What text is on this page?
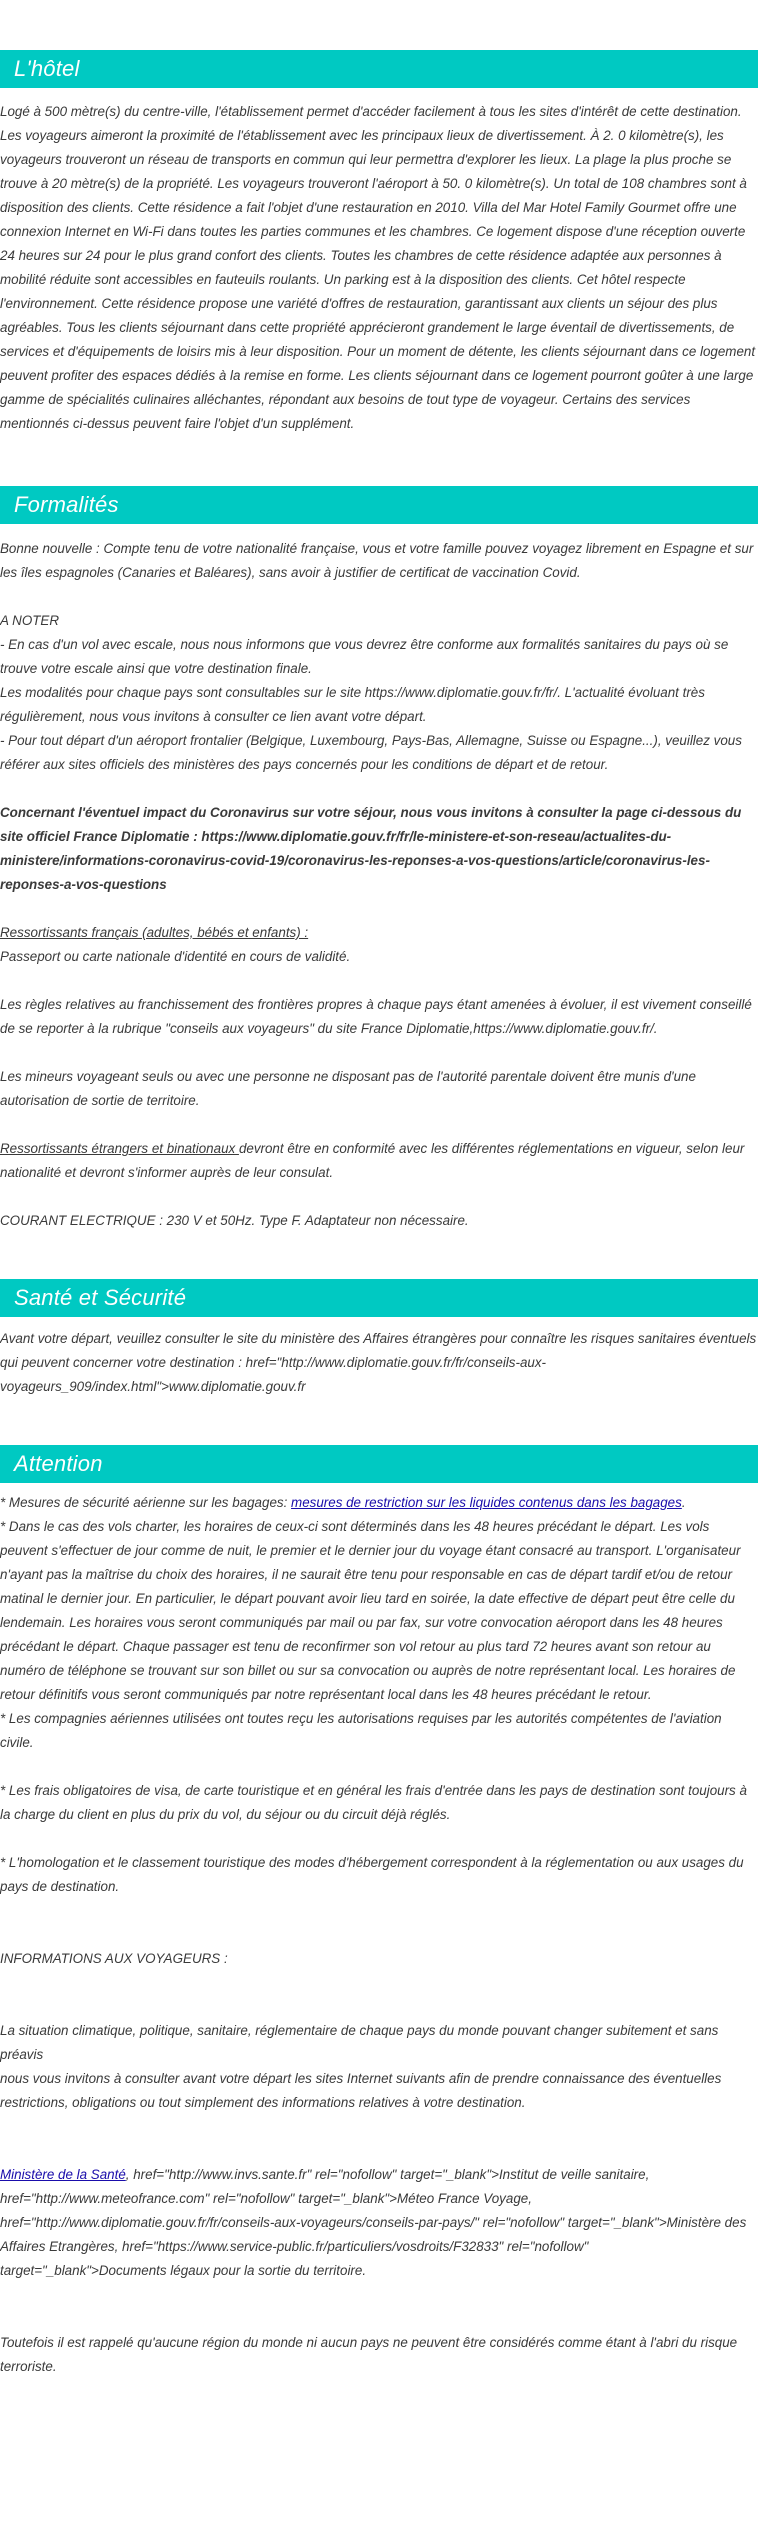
L'hôtel

Logé à 500 mètre(s) du centre-ville, l'établissement permet d'accéder facilement à tous les sites d'intérêt de cette destination. Les voyageurs aimeront la proximité de l'établissement avec les principaux lieux de divertissement. À 2. 0 kilomètre(s), les voyageurs trouveront un réseau de transports en commun qui leur permettra d'explorer les lieux. La plage la plus proche se trouve à 20 mètre(s) de la propriété. Les voyageurs trouveront l'aéroport à 50. 0 kilomètre(s). Un total de 108 chambres sont à disposition des clients. Cette résidence a fait l'objet d'une restauration en 2010. Villa del Mar Hotel Family Gourmet offre une connexion Internet en Wi-Fi dans toutes les parties communes et les chambres. Ce logement dispose d'une réception ouverte 24 heures sur 24 pour le plus grand confort des clients. Toutes les chambres de cette résidence adaptée aux personnes à mobilité réduite sont accessibles en fauteuils roulants. Un parking est à la disposition des clients. Cet hôtel respecte l'environnement. Cette résidence propose une variété d'offres de restauration, garantissant aux clients un séjour des plus agréables. Tous les clients séjournant dans cette propriété apprécieront grandement le large éventail de divertissements, de services et d'équipements de loisirs mis à leur disposition. Pour un moment de détente, les clients séjournant dans ce logement peuvent profiter des espaces dédiés à la remise en forme. Les clients séjournant dans ce logement pourront goûter à une large gamme de spécialités culinaires alléchantes, répondant aux besoins de tout type de voyageur. Certains des services mentionnés ci-dessus peuvent faire l'objet d'un supplément.

Formalités

Bonne nouvelle : Compte tenu de votre nationalité française, vous et votre famille pouvez voyagez librement en Espagne et sur les îles espagnoles (Canaries et Baléares), sans avoir à justifier de certificat de vaccination Covid.

A NOTER

- En cas d'un vol avec escale, nous nous informons que vous devrez être conforme aux formalités sanitaires du pays où se trouve votre escale ainsi que votre destination finale.

Les modalités pour chaque pays sont consultables sur le site https://www.diplomatie.gouv.fr/fr/. L'actualité évoluant très régulièrement, nous vous invitons à consulter ce lien avant votre départ.

- Pour tout départ d'un aéroport frontalier (Belgique, Luxembourg, Pays-Bas, Allemagne, Suisse ou Espagne...), veuillez vous référer aux sites officiels des ministères des pays concernés pour les conditions de départ et de retour.

Concernant l'éventuel impact du Coronavirus sur votre séjour, nous vous invitons à consulter la page ci-dessous du site officiel France Diplomatie : https://www.diplomatie.gouv.fr/fr/le-ministere-et-son-reseau/actualites-du-ministere/informations-coronavirus-covid-19/coronavirus-les-reponses-a-vos-questions/article/coronavirus-les-reponses-a-vos-questions

Ressortissants français (adultes, bébés et enfants) :

Passeport ou carte nationale d'identité en cours de validité.

Les règles relatives au franchissement des frontières propres à chaque pays étant amenées à évoluer, il est vivement conseillé de se reporter à la rubrique "conseils aux voyageurs" du site France Diplomatie,https://www.diplomatie.gouv.fr/.

Les mineurs voyageant seuls ou avec une personne ne disposant pas de l'autorité parentale doivent être munis d'une autorisation de sortie de territoire.

Ressortissants étrangers et binationaux devront être en conformité avec les différentes réglementations en vigueur, selon leur nationalité et devront s'informer auprès de leur consulat.

COURANT ELECTRIQUE : 230 V et 50Hz. Type F. Adaptateur non nécessaire.

Santé et Sécurité

Avant votre départ, veuillez consulter le site du ministère des Affaires étrangères pour connaître les risques sanitaires éventuels qui peuvent concerner votre destination : href="http://www.diplomatie.gouv.fr/fr/conseils-aux-voyageurs_909/index.html">www.diplomatie.gouv.fr

Attention

* Mesures de sécurité aérienne sur les bagages: mesures de restriction sur les liquides contenus dans les bagages.

* Dans le cas des vols charter, les horaires de ceux-ci sont déterminés dans les 48 heures précédant le départ. Les vols peuvent s'effectuer de jour comme de nuit, le premier et le dernier jour du voyage étant consacré au transport. L'organisateur n'ayant pas la maîtrise du choix des horaires, il ne saurait être tenu pour responsable en cas de départ tardif et/ou de retour matinal le dernier jour. En particulier, le départ pouvant avoir lieu tard en soirée, la date effective de départ peut être celle du lendemain. Les horaires vous seront communiqués par mail ou par fax, sur votre convocation aéroport dans les 48 heures précédant le départ. Chaque passager est tenu de reconfirmer son vol retour au plus tard 72 heures avant son retour au numéro de téléphone se trouvant sur son billet ou sur sa convocation ou auprès de notre représentant local. Les horaires de retour définitifs vous seront communiqués par notre représentant local dans les 48 heures précédant le retour.

* Les compagnies aériennes utilisées ont toutes reçu les autorisations requises par les autorités compétentes de l'aviation civile.

* Les frais obligatoires de visa, de carte touristique et en général les frais d'entrée dans les pays de destination sont toujours à la charge du client en plus du prix du vol, du séjour ou du circuit déjà réglés.

* L'homologation et le classement touristique des modes d'hébergement correspondent à la réglementation ou aux usages du pays de destination.

INFORMATIONS AUX VOYAGEURS :

La situation climatique, politique, sanitaire, réglementaire de chaque pays du monde pouvant changer subitement et sans préavis

nous vous invitons à consulter avant votre départ les sites Internet suivants afin de prendre connaissance des éventuelles restrictions, obligations ou tout simplement des informations relatives à votre destination.

Ministère de la Santé, href="http://www.invs.sante.fr" rel="nofollow" target="_blank">Institut de veille sanitaire, href="http://www.meteofrance.com" rel="nofollow" target="_blank">Méteo France Voyage, href="http://www.diplomatie.gouv.fr/fr/conseils-aux-voyageurs/conseils-par-pays/" rel="nofollow" target="_blank">Ministère des Affaires Etrangères, href="https://www.service-public.fr/particuliers/vosdroits/F32833" rel="nofollow" target="_blank">Documents légaux pour la sortie du territoire.

Toutefois il est rappelé qu'aucune région du monde ni aucun pays ne peuvent être considérés comme étant à l'abri du risque terroriste.
